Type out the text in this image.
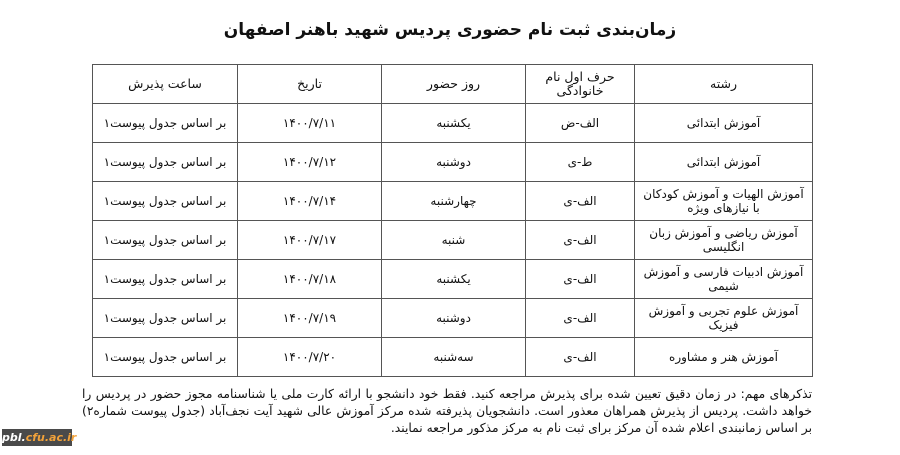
زمان‌بندی ثبت نام حضوری پردیس شهید باهنر اصفهان
رشته	حرف اول نام خانوادگی	روز حضور	تاریخ	ساعت پذیرش
آموزش ابتدائی	الف-ض	یکشنبه	۱۴۰۰/۷/۱۱	بر اساس جدول پیوست۱
آموزش ابتدائی	ط-ی	دوشنبه	۱۴۰۰/۷/۱۲	بر اساس جدول پیوست۱
آموزش الهیات و آموزش کودکان با نیازهای ویژه	الف-ی	چهارشنبه	۱۴۰۰/۷/۱۴	بر اساس جدول پیوست۱
آموزش ریاضی و آموزش زبان انگلیسی	الف-ی	شنبه	۱۴۰۰/۷/۱۷	بر اساس جدول پیوست۱
آموزش ادبیات فارسی و آموزش شیمی	الف-ی	یکشنبه	۱۴۰۰/۷/۱۸	بر اساس جدول پیوست۱
آموزش علوم تجربی و آموزش فیزیک	الف-ی	دوشنبه	۱۴۰۰/۷/۱۹	بر اساس جدول پیوست۱
آموزش هنر و مشاوره	الف-ی	سه‌شنبه	۱۴۰۰/۷/۲۰	بر اساس جدول پیوست۱
تذکرهای مهم: در زمان دقیق تعیین شده برای پذیرش مراجعه کنید. فقط خود دانشجو با ارائه کارت ملی یا شناسنامه مجوز حضور در پردیس را خواهد داشت. پردیس از پذیرش همراهان معذور است. دانشجویان پذیرفته شده مرکز آموزش عالی شهید آیت نجف‌آباد (جدول پیوست شماره۲) بر اساس زمانبندی اعلام شده آن مرکز برای ثبت نام به مرکز مذکور مراجعه نمایند.
pbl.cfu.ac.ir
